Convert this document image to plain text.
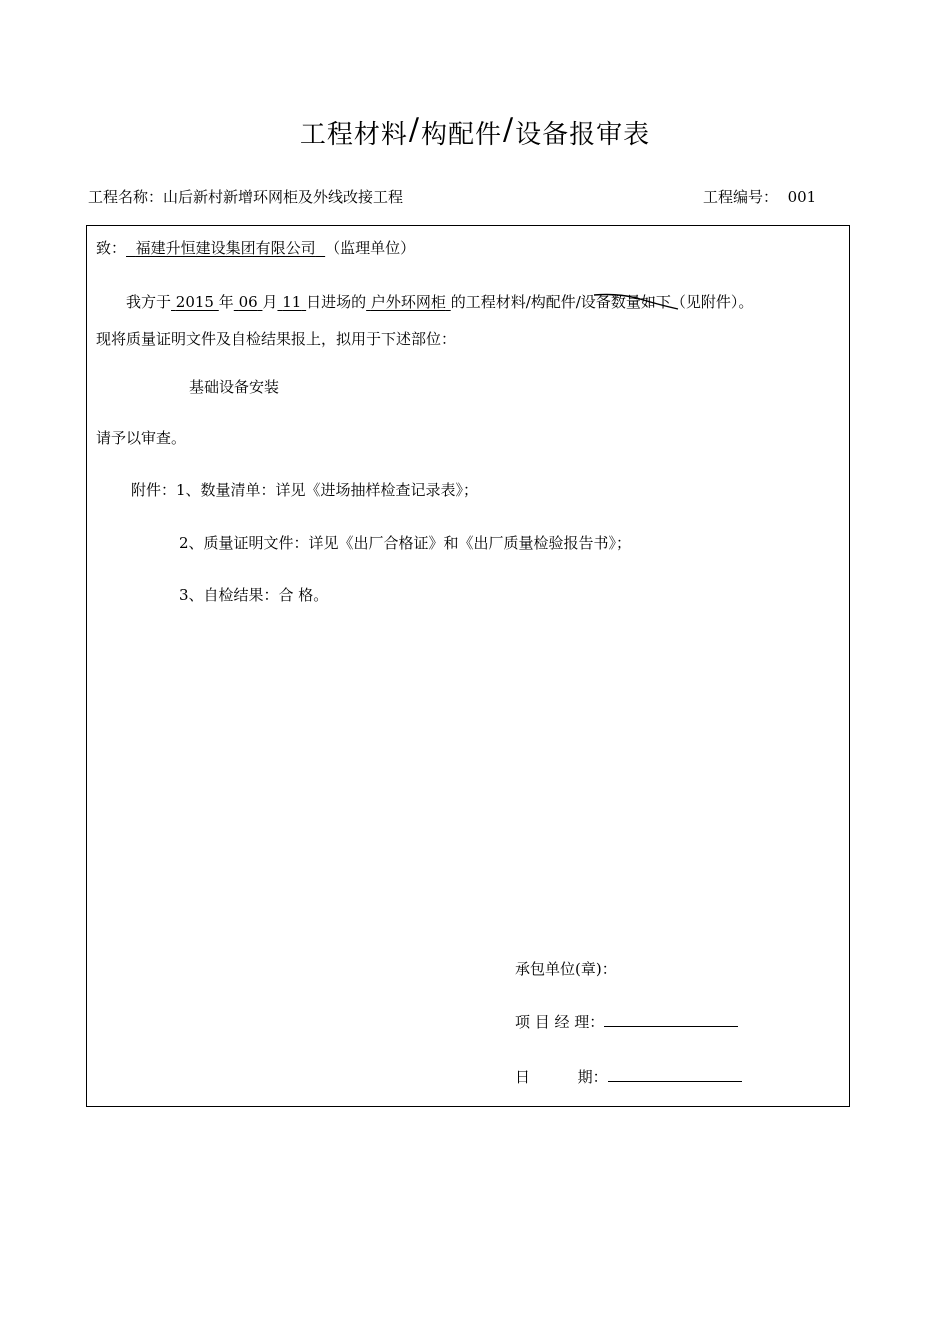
工程材料/构配件/设备报审表
工程名称：山后新村新增环网柜及外线改接工程	工程编号： 001
致： 福建升恒建设集团有限公司 （监理单位）
我方于 2015 年 06 月 11 日进场的 户外环网柜 的工程材料/构配件/设备数量如下
（见附件）。
现将质量证明文件及自检结果报上，拟用于下述部位：
基础设备安装
请予以审查。
附件：1、数量清单：详见《进场抽样检查记录表》；
2、质量证明文件：详见《出厂合格证》和《出厂质量检验报告书》；
3、自检结果：合 格。
承包单位(章)：
项 目 经 理：
日          期：
